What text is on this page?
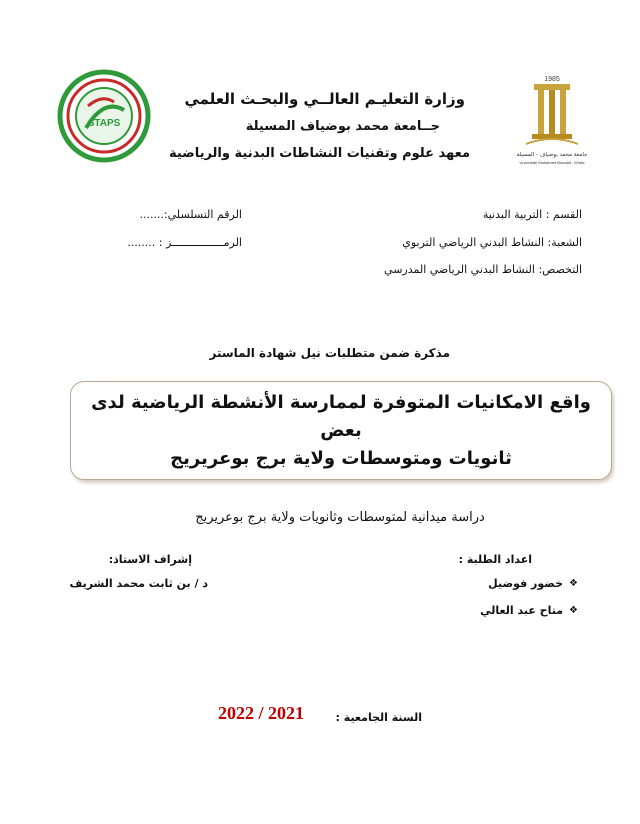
STAPS
1985
جامعة محمد بوضياف - المسيلة
Université Mohamed Boudiaf - M'sila
وزارة التعليـم العالــي والبحـث العلمي
جــامعة محمد بوضياف المسيلة
معهد علوم وتقنيات النشاطات البدنية والرياضية
القسم : التربية البدنية
الشعبة: النشاط البدني الرياضي التربوي
التخصص: النشاط البدني الرياضي المدرسي
الرقم التسلسلي:.......
الرمــــــــــــــــز : ........
مذكرة ضمن متطلبات نيل شهادة الماستر
واقع الامكانيات المتوفرة لممارسة الأنشطة الرياضية لدى بعض
ثانويات ومتوسطات ولاية برج بوعريريج
دراسة ميدانية لمتوسطات وثانويات ولاية برج بوعريريج
اعداد الطلبة :
إشراف الاستاذ:
❖
خضور فوضيل
❖
متاح عبد العالي
د / بن ثابت محمد الشريف
السنة الجامعية :
2022 / 2021
